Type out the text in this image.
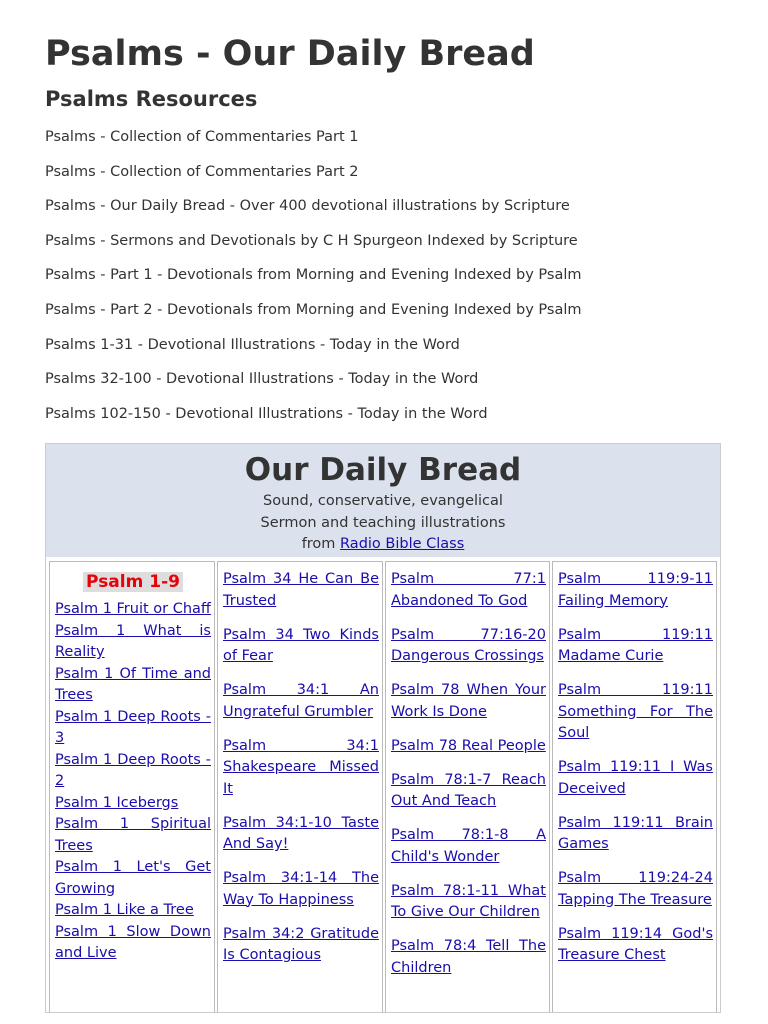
Psalms - Our Daily Bread
Psalms Resources
Psalms - Collection of Commentaries Part 1
Psalms - Collection of Commentaries Part 2
Psalms - Our Daily Bread - Over 400 devotional illustrations by Scripture
Psalms - Sermons and Devotionals by C H Spurgeon Indexed by Scripture
Psalms - Part 1 - Devotionals from Morning and Evening Indexed by Psalm
Psalms - Part 2 - Devotionals from Morning and Evening Indexed by Psalm
Psalms 1-31 - Devotional Illustrations - Today in the Word
Psalms 32-100 - Devotional Illustrations - Today in the Word
Psalms 102-150 - Devotional Illustrations - Today in the Word
Our Daily Bread
Sound, conservative, evangelical
Sermon and teaching illustrations
from Radio Bible Class
Psalm 1-9
Psalm 1 Fruit or Chaff
Psalm 1 What is Reality
Psalm 1 Of Time and Trees
Psalm 1 Deep Roots - 3
Psalm 1 Deep Roots - 2
Psalm 1 Icebergs
Psalm 1 Spiritual Trees
Psalm 1 Let's Get Growing
Psalm 1 Like a Tree
Psalm 1 Slow Down and Live
Psalm 34 He Can Be Trusted
Psalm 34 Two Kinds of Fear
Psalm 34:1 An Ungrateful Grumbler
Psalm 34:1 Shakespeare Missed It
Psalm 34:1-10 Taste And Say!
Psalm 34:1-14 The Way To Happiness
Psalm 34:2 Gratitude Is Contagious
Psalm 77:1 Abandoned To God
Psalm 77:16-20 Dangerous Crossings
Psalm 78 When Your Work Is Done
Psalm 78 Real People
Psalm 78:1-7 Reach Out And Teach
Psalm 78:1-8 A Child's Wonder
Psalm 78:1-11 What To Give Our Children
Psalm 78:4 Tell The Children
Psalm 119:9-11 Failing Memory
Psalm 119:11 Madame Curie
Psalm 119:11 Something For The Soul
Psalm 119:11 I Was Deceived
Psalm 119:11 Brain Games
Psalm 119:24-24 Tapping The Treasure
Psalm 119:14 God's Treasure Chest
